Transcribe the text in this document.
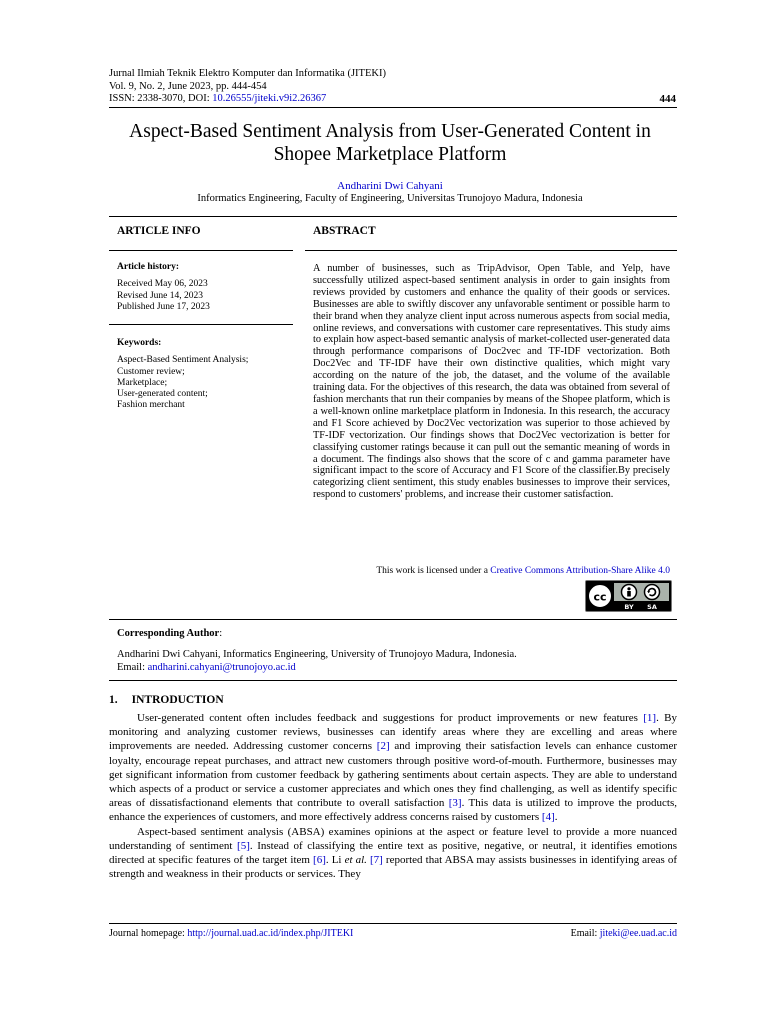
Jurnal Ilmiah Teknik Elektro Komputer dan Informatika (JITEKI)
Vol. 9, No. 2, June 2023, pp. 444-454
ISSN: 2338-3070, DOI: 10.26555/jiteki.v9i2.26367	444
Aspect-Based Sentiment Analysis from User-Generated Content in Shopee Marketplace Platform
Andharini Dwi Cahyani
Informatics Engineering, Faculty of Engineering, Universitas Trunojoyo Madura, Indonesia
ARTICLE INFO	ABSTRACT
Article history:
Received May 06, 2023
Revised June 14, 2023
Published June 17, 2023
Keywords:
Aspect-Based Sentiment Analysis;
Customer review;
Marketplace;
User-generated content;
Fashion merchant
A number of businesses, such as TripAdvisor, Open Table, and Yelp, have successfully utilized aspect-based sentiment analysis in order to gain insights from reviews provided by customers and enhance the quality of their goods or services. Businesses are able to swiftly discover any unfavorable sentiment or possible harm to their brand when they analyze client input across numerous aspects from social media, online reviews, and conversations with customer care representatives. This study aims to explain how aspect-based semantic analysis of market-collected user-generated data through performance comparisons of Doc2vec and TF-IDF vectorization. Both Doc2Vec and TF-IDF have their own distinctive qualities, which might vary according on the nature of the job, the dataset, and the volume of the available training data. For the objectives of this research, the data was obtained from several of fashion merchants that run their companies by means of the Shopee platform, which is a well-known online marketplace platform in Indonesia. In this research, the accuracy and F1 Score achieved by Doc2Vec vectorization was superior to those achieved by TF-IDF vectorization. Our findings shows that Doc2Vec vectorization is better for classifying customer ratings because it can pull out the semantic meaning of words in a document. The findings also shows that the score of c and gamma parameter have significant impact to the score of Accuracy and F1 Score of the classifier.By precisely categorizing client sentiment, this study enables businesses to improve their services, respond to customers' problems, and increase their customer satisfaction.
This work is licensed under a Creative Commons Attribution-Share Alike 4.0
cc
BY SA
Corresponding Author:
Andharini Dwi Cahyani, Informatics Engineering, University of Trunojoyo Madura, Indonesia.
Email: andharini.cahyani@trunojoyo.ac.id
1. INTRODUCTION

User-generated content often includes feedback and suggestions for product improvements or new features [1]. By monitoring and analyzing customer reviews, businesses can identify areas where they are excelling and areas where improvements are needed. Addressing customer concerns [2] and improving their satisfaction levels can enhance customer loyalty, encourage repeat purchases, and attract new customers through positive word-of-mouth. Furthermore, businesses may get significant information from customer feedback by gathering sentiments about certain aspects. They are able to understand which aspects of a product or service a customer appreciates and which ones they find challenging, as well as identify specific areas of dissatisfactionand elements that contribute to overall satisfaction [3]. This data is utilized to improve the products, enhance the experiences of customers, and more effectively address concerns raised by customers [4].

Aspect-based sentiment analysis (ABSA) examines opinions at the aspect or feature level to provide a more nuanced understanding of sentiment [5]. Instead of classifying the entire text as positive, negative, or neutral, it identifies emotions directed at specific features of the target item [6]. Li et al. [7] reported that ABSA may assists businesses in identifying areas of strength and weakness in their products or services. They

Journal homepage: http://journal.uad.ac.id/index.php/JITEKI	Email: jiteki@ee.uad.ac.id
